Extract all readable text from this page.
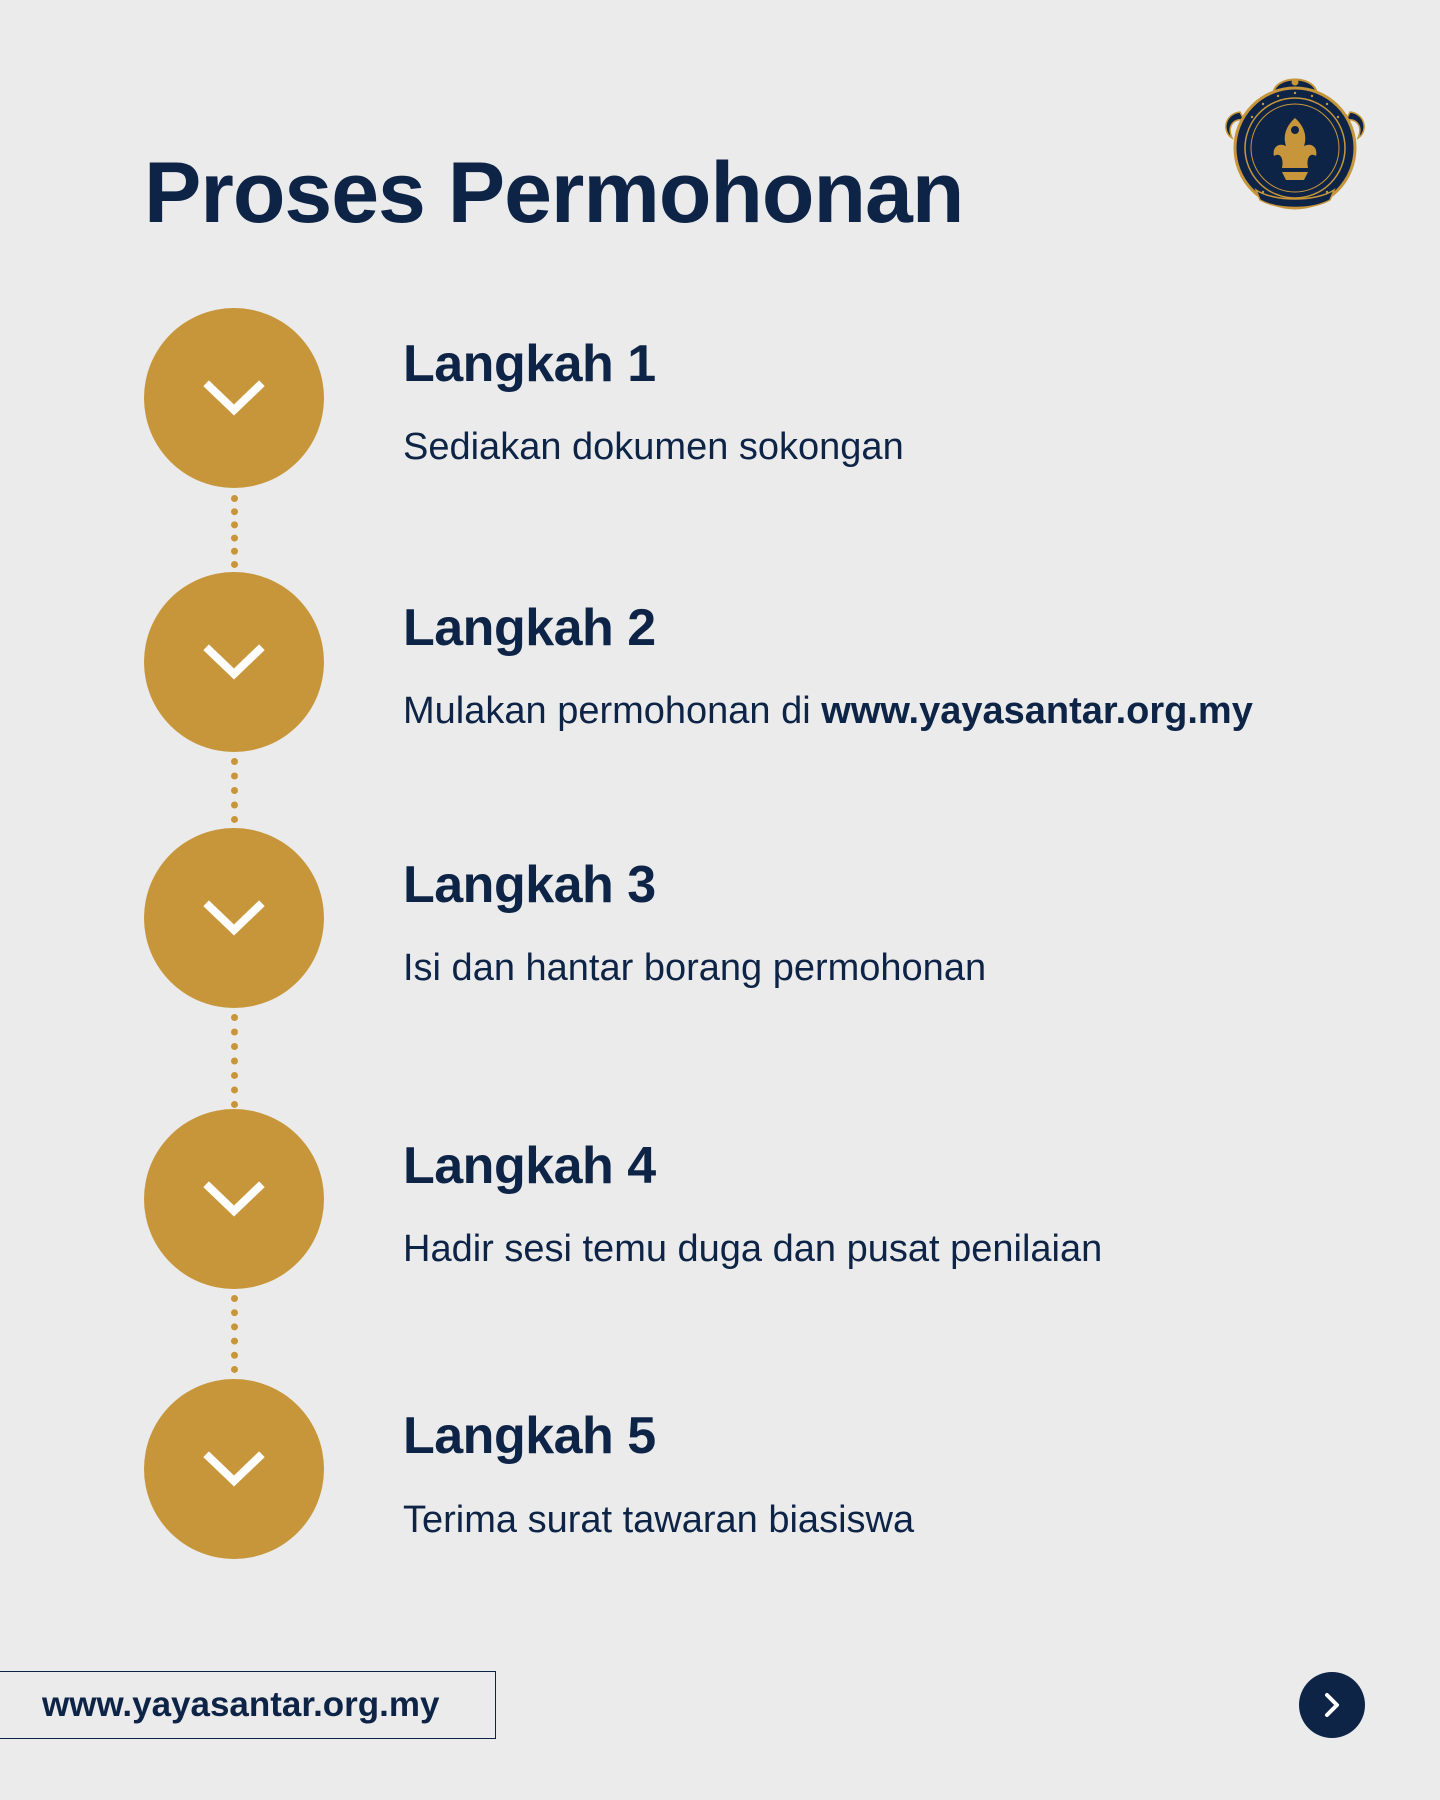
Proses Permohonan
Langkah 1

Sediakan dokumen sokongan

Langkah 2

Mulakan permohonan di www.yayasantar.org.my

Langkah 3

Isi dan hantar borang permohonan

Langkah 4

Hadir sesi temu duga dan pusat penilaian

Langkah 5

Terima surat tawaran biasiswa

www.yayasantar.org.my
